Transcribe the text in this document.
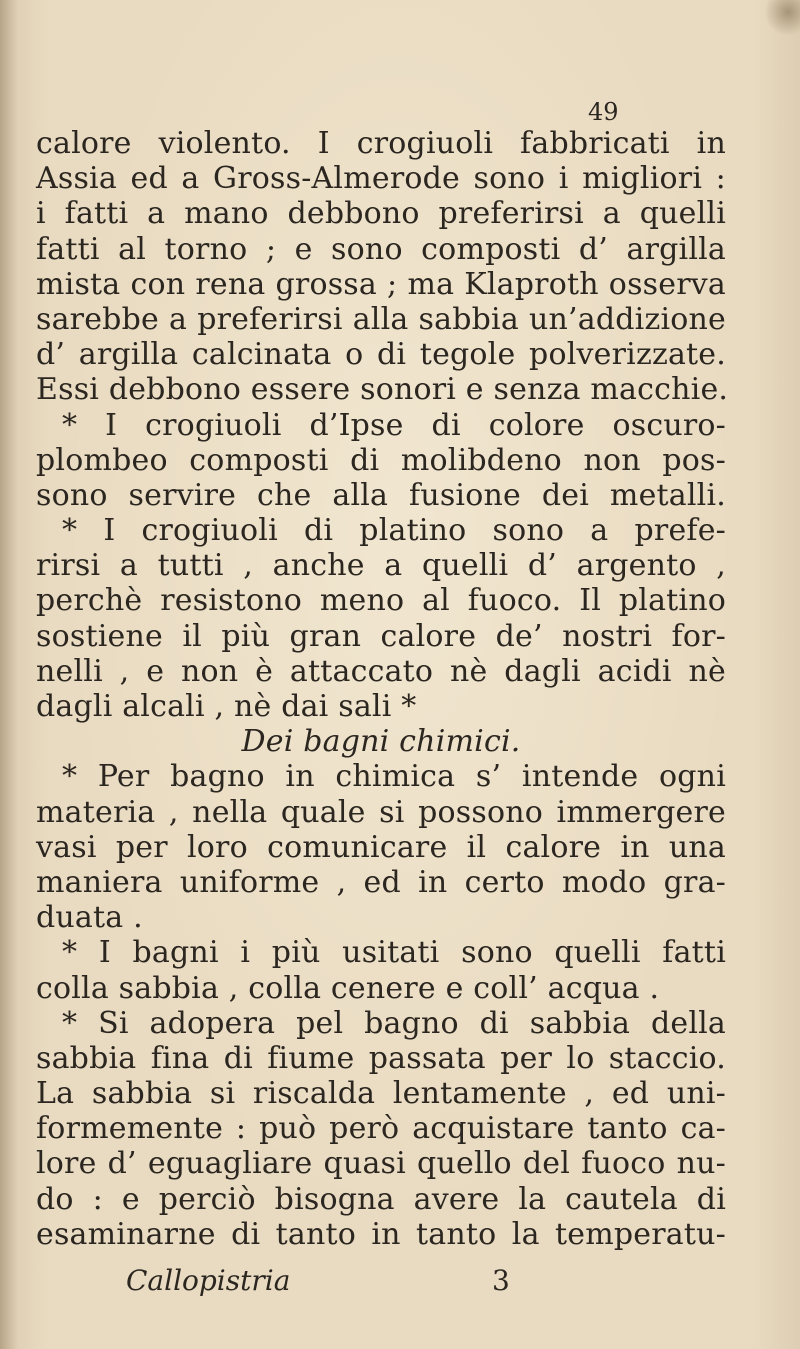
49
calore violento. I crogiuoli fabbricati in
Assia ed a Gross-Almerode sono i migliori :
i fatti a mano debbono preferirsi a quelli
fatti al torno ; e sono composti d’ argilla
mista con rena grossa ; ma Klaproth osserva
sarebbe a preferirsi alla sabbia un’addizione
d’ argilla calcinata o di tegole polverizzate.
Essi debbono essere sonori e senza macchie.
* I crogiuoli d’Ipse di colore oscuro-
plombeo composti di molibdeno non pos-
sono servire che alla fusione dei metalli.
* I crogiuoli di platino sono a prefe-
rirsi a tutti , anche a quelli d’ argento ,
perchè resistono meno al fuoco. Il platino
sostiene il più gran calore de’ nostri for-
nelli , e non è attaccato nè dagli acidi nè
dagli alcali , nè dai sali *
Dei bagni chimici.
* Per bagno in chimica s’ intende ogni
materia , nella quale si possono immergere
vasi per loro comunicare il calore in una
maniera uniforme , ed in certo modo gra-
duata .
* I bagni i più usitati sono quelli fatti
colla sabbia , colla cenere e coll’ acqua .
* Si adopera pel bagno di sabbia della
sabbia fina di fiume passata per lo staccio.
La sabbia si riscalda lentamente , ed uni-
formemente : può però acquistare tanto ca-
lore d’ eguagliare quasi quello del fuoco nu-
do : e perciò bisogna avere la cautela di
esaminarne di tanto in tanto la temperatu-
Callopistria	3
